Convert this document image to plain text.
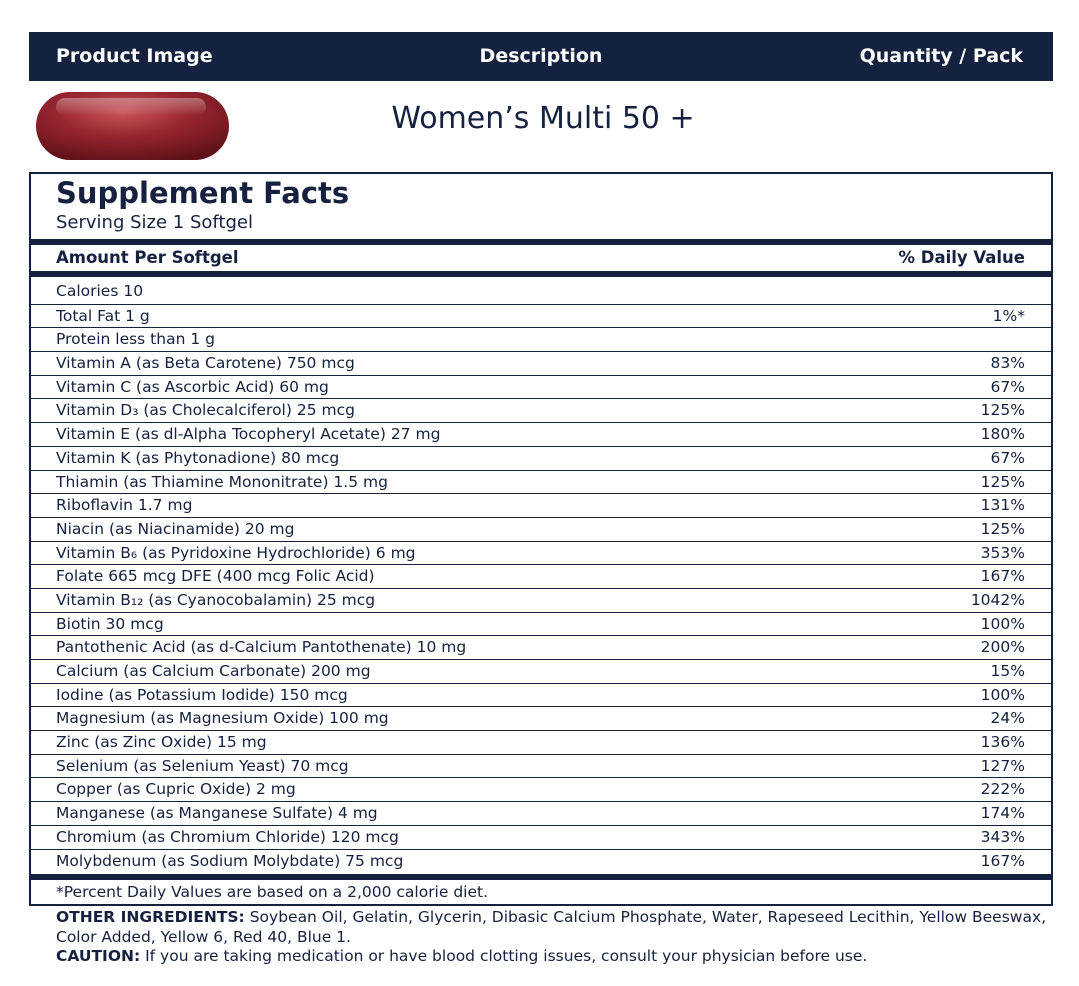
Product Image	Description	Quantity / Pack
Women’s Multi 50 +
Supplement Facts
Serving Size 1 Softgel
Amount Per Softgel	% Daily Value
Calories 10
Total Fat 1 g	1%*
Protein less than 1 g
Vitamin A (as Beta Carotene) 750 mcg	83%
Vitamin C (as Ascorbic Acid) 60 mg	67%
Vitamin D₃ (as Cholecalciferol) 25 mcg	125%
Vitamin E (as dl-Alpha Tocopheryl Acetate) 27 mg	180%
Vitamin K (as Phytonadione) 80 mcg	67%
Thiamin (as Thiamine Mononitrate) 1.5 mg	125%
Riboflavin 1.7 mg	131%
Niacin (as Niacinamide) 20 mg	125%
Vitamin B₆ (as Pyridoxine Hydrochloride) 6 mg	353%
Folate 665 mcg DFE (400 mcg Folic Acid)	167%
Vitamin B₁₂ (as Cyanocobalamin) 25 mcg	1042%
Biotin 30 mcg	100%
Pantothenic Acid (as d-Calcium Pantothenate) 10 mg	200%
Calcium (as Calcium Carbonate) 200 mg	15%
Iodine (as Potassium Iodide) 150 mcg	100%
Magnesium (as Magnesium Oxide) 100 mg	24%
Zinc (as Zinc Oxide) 15 mg	136%
Selenium (as Selenium Yeast) 70 mcg	127%
Copper (as Cupric Oxide) 2 mg	222%
Manganese (as Manganese Sulfate) 4 mg	174%
Chromium (as Chromium Chloride) 120 mcg	343%
Molybdenum (as Sodium Molybdate) 75 mcg	167%
*Percent Daily Values are based on a 2,000 calorie diet.
OTHER INGREDIENTS: Soybean Oil, Gelatin, Glycerin, Dibasic Calcium Phosphate, Water, Rapeseed Lecithin, Yellow Beeswax, Color Added, Yellow 6, Red 40, Blue 1.
CAUTION: If you are taking medication or have blood clotting issues, consult your physician before use.
